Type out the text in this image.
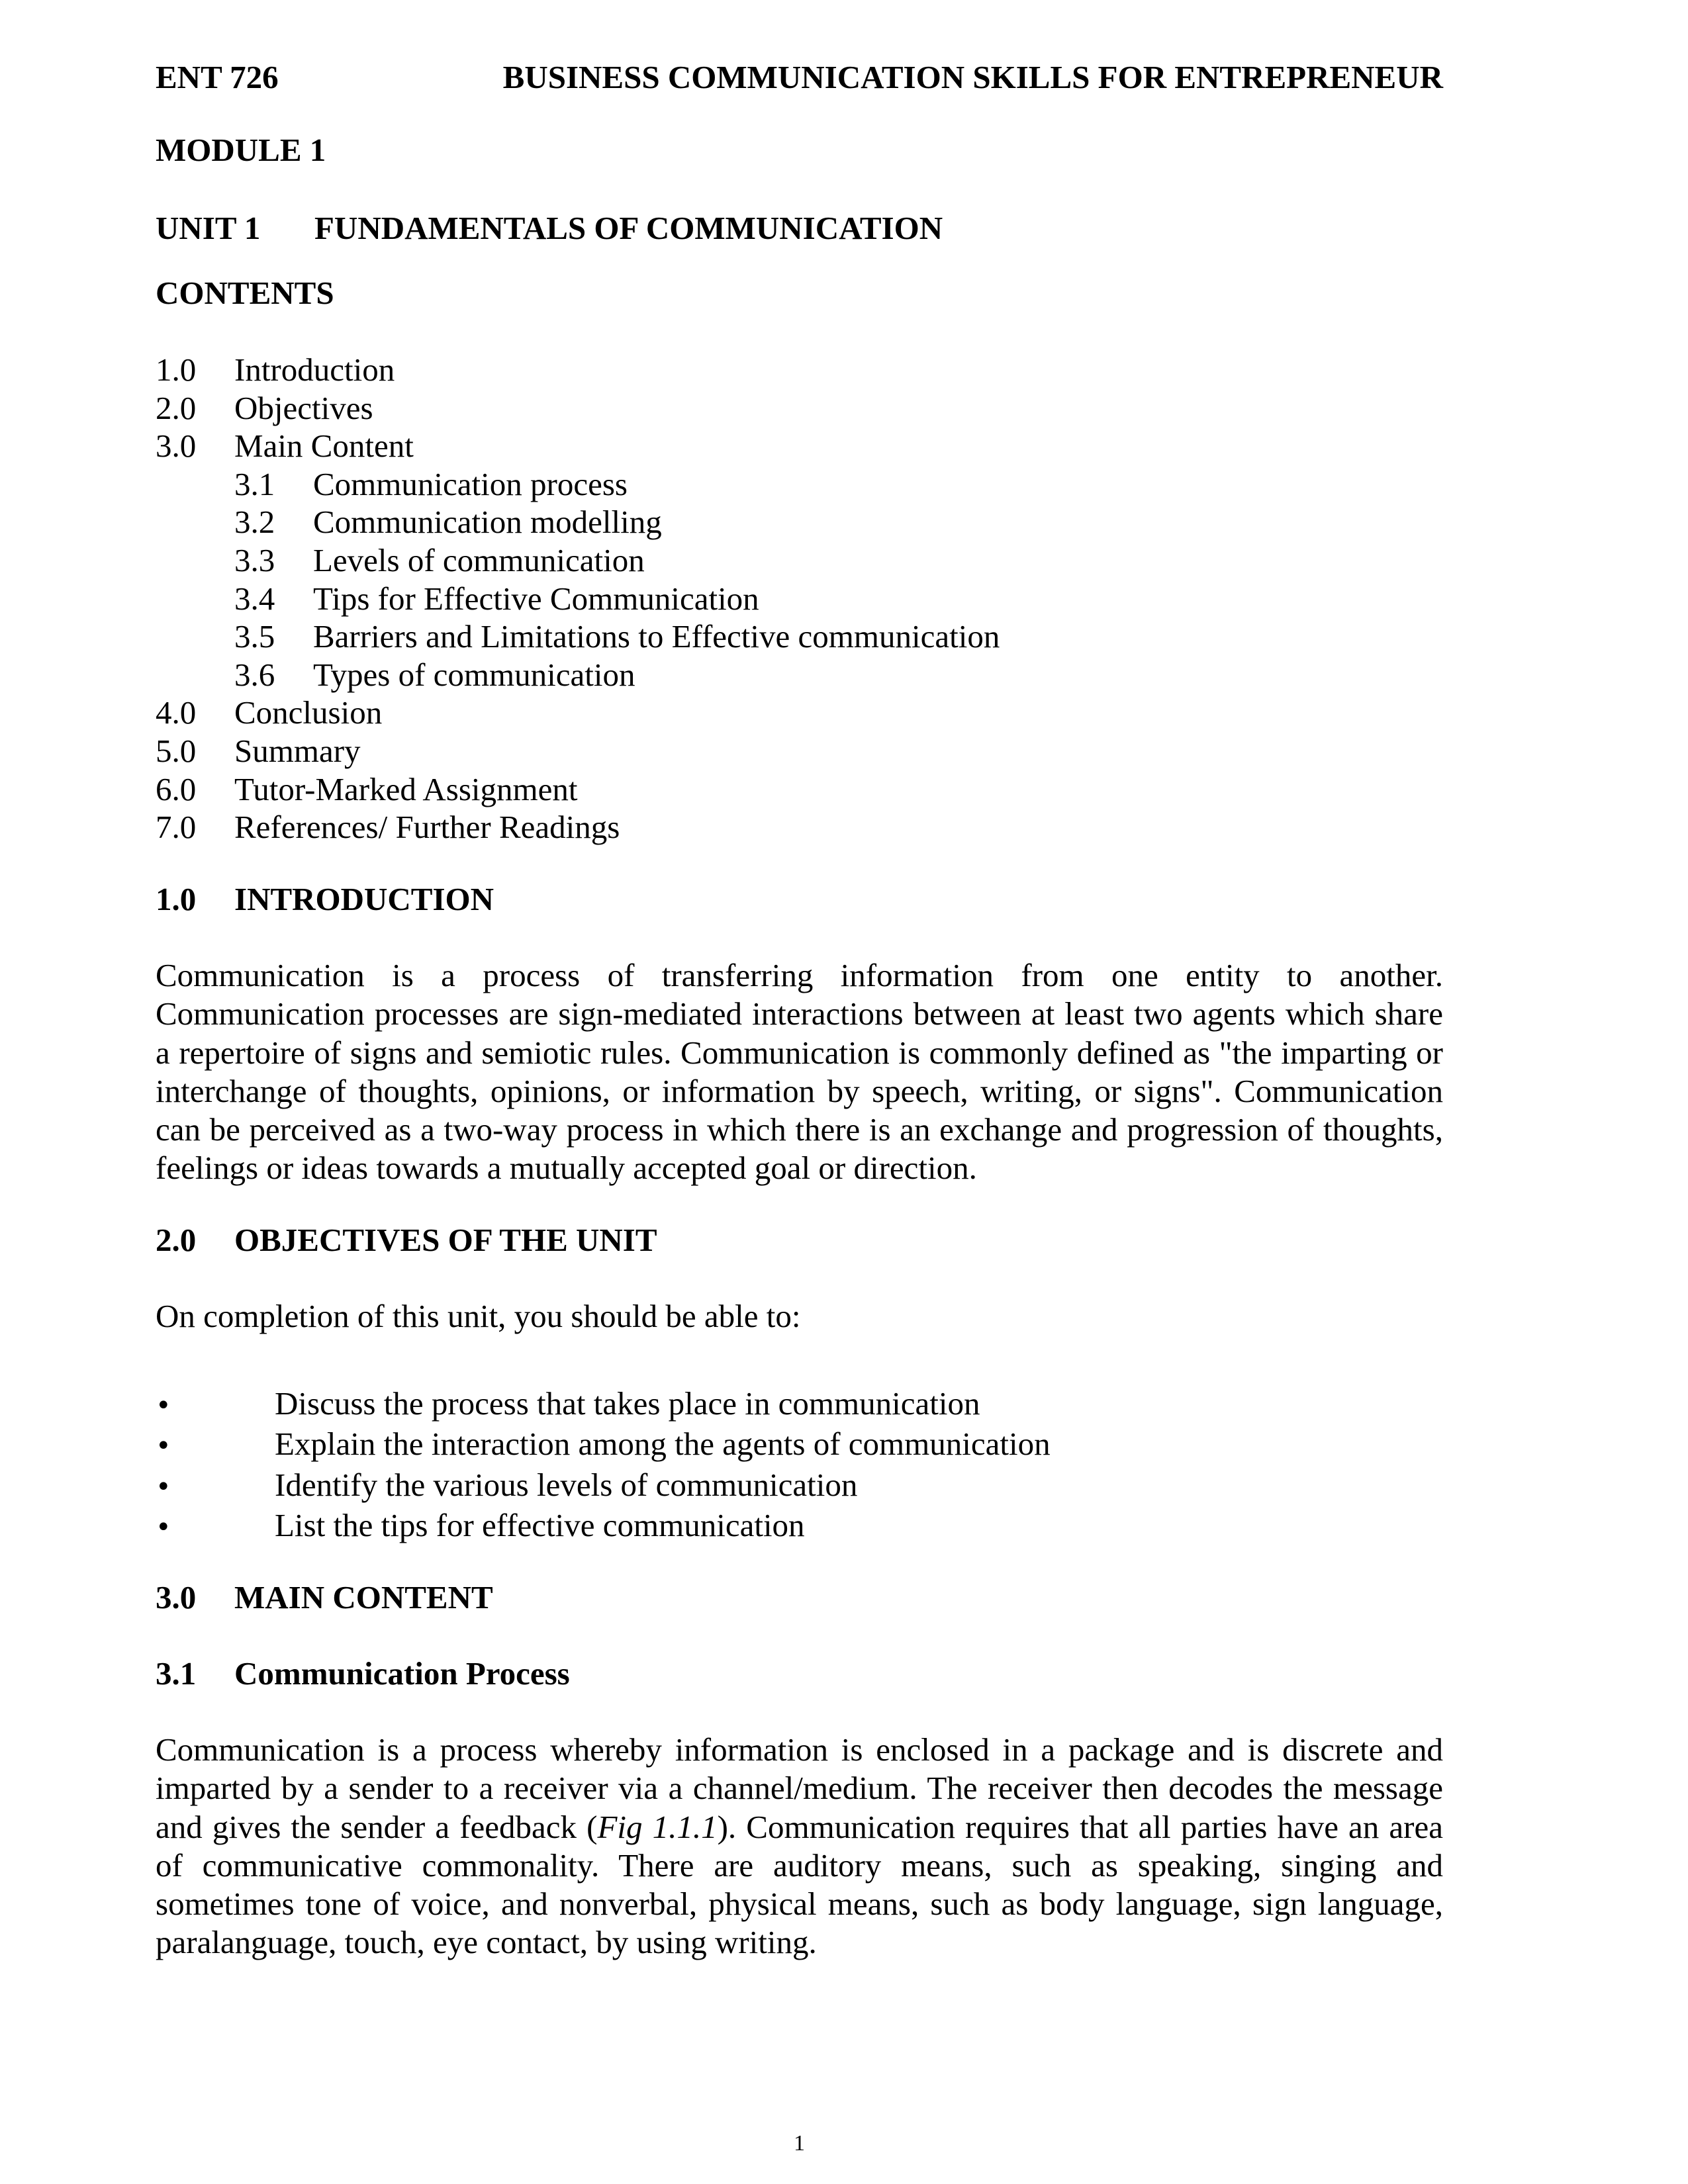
ENT 726	BUSINESS COMMUNICATION SKILLS FOR ENTREPRENEUR
MODULE 1
UNIT 1 FUNDAMENTALS OF COMMUNICATION
CONTENTS
1.0 Introduction
2.0 Objectives
3.0 Main Content
3.1 Communication process
3.2 Communication modelling
3.3 Levels of communication
3.4 Tips for Effective Communication
3.5 Barriers and Limitations to Effective communication
3.6 Types of communication
4.0 Conclusion
5.0 Summary
6.0 Tutor-Marked Assignment
7.0 References/ Further Readings
1.0 INTRODUCTION

Communication is a process of transferring information from one entity to another. Communication processes are sign-mediated interactions between at least two agents which share a repertoire of signs and semiotic rules. Communication is commonly defined as "the imparting or interchange of thoughts, opinions, or information by speech, writing, or signs". Communication can be perceived as a two-way process in which there is an exchange and progression of thoughts, feelings or ideas towards a mutually accepted goal or direction.

2.0 OBJECTIVES OF THE UNIT
On completion of this unit, you should be able to:
•	Discuss the process that takes place in communication
•	Explain the interaction among the agents of communication
•	Identify the various levels of communication
•	List the tips for effective communication
3.0 MAIN CONTENT
3.1 Communication Process

Communication is a process whereby information is enclosed in a package and is discrete and imparted by a sender to a receiver via a channel/medium. The receiver then decodes the message and gives the sender a feedback (Fig 1.1.1). Communication requires that all parties have an area of communicative commonality. There are auditory means, such as speaking, singing and sometimes tone of voice, and nonverbal, physical means, such as body language, sign language, paralanguage, touch, eye contact, by using writing.

1
